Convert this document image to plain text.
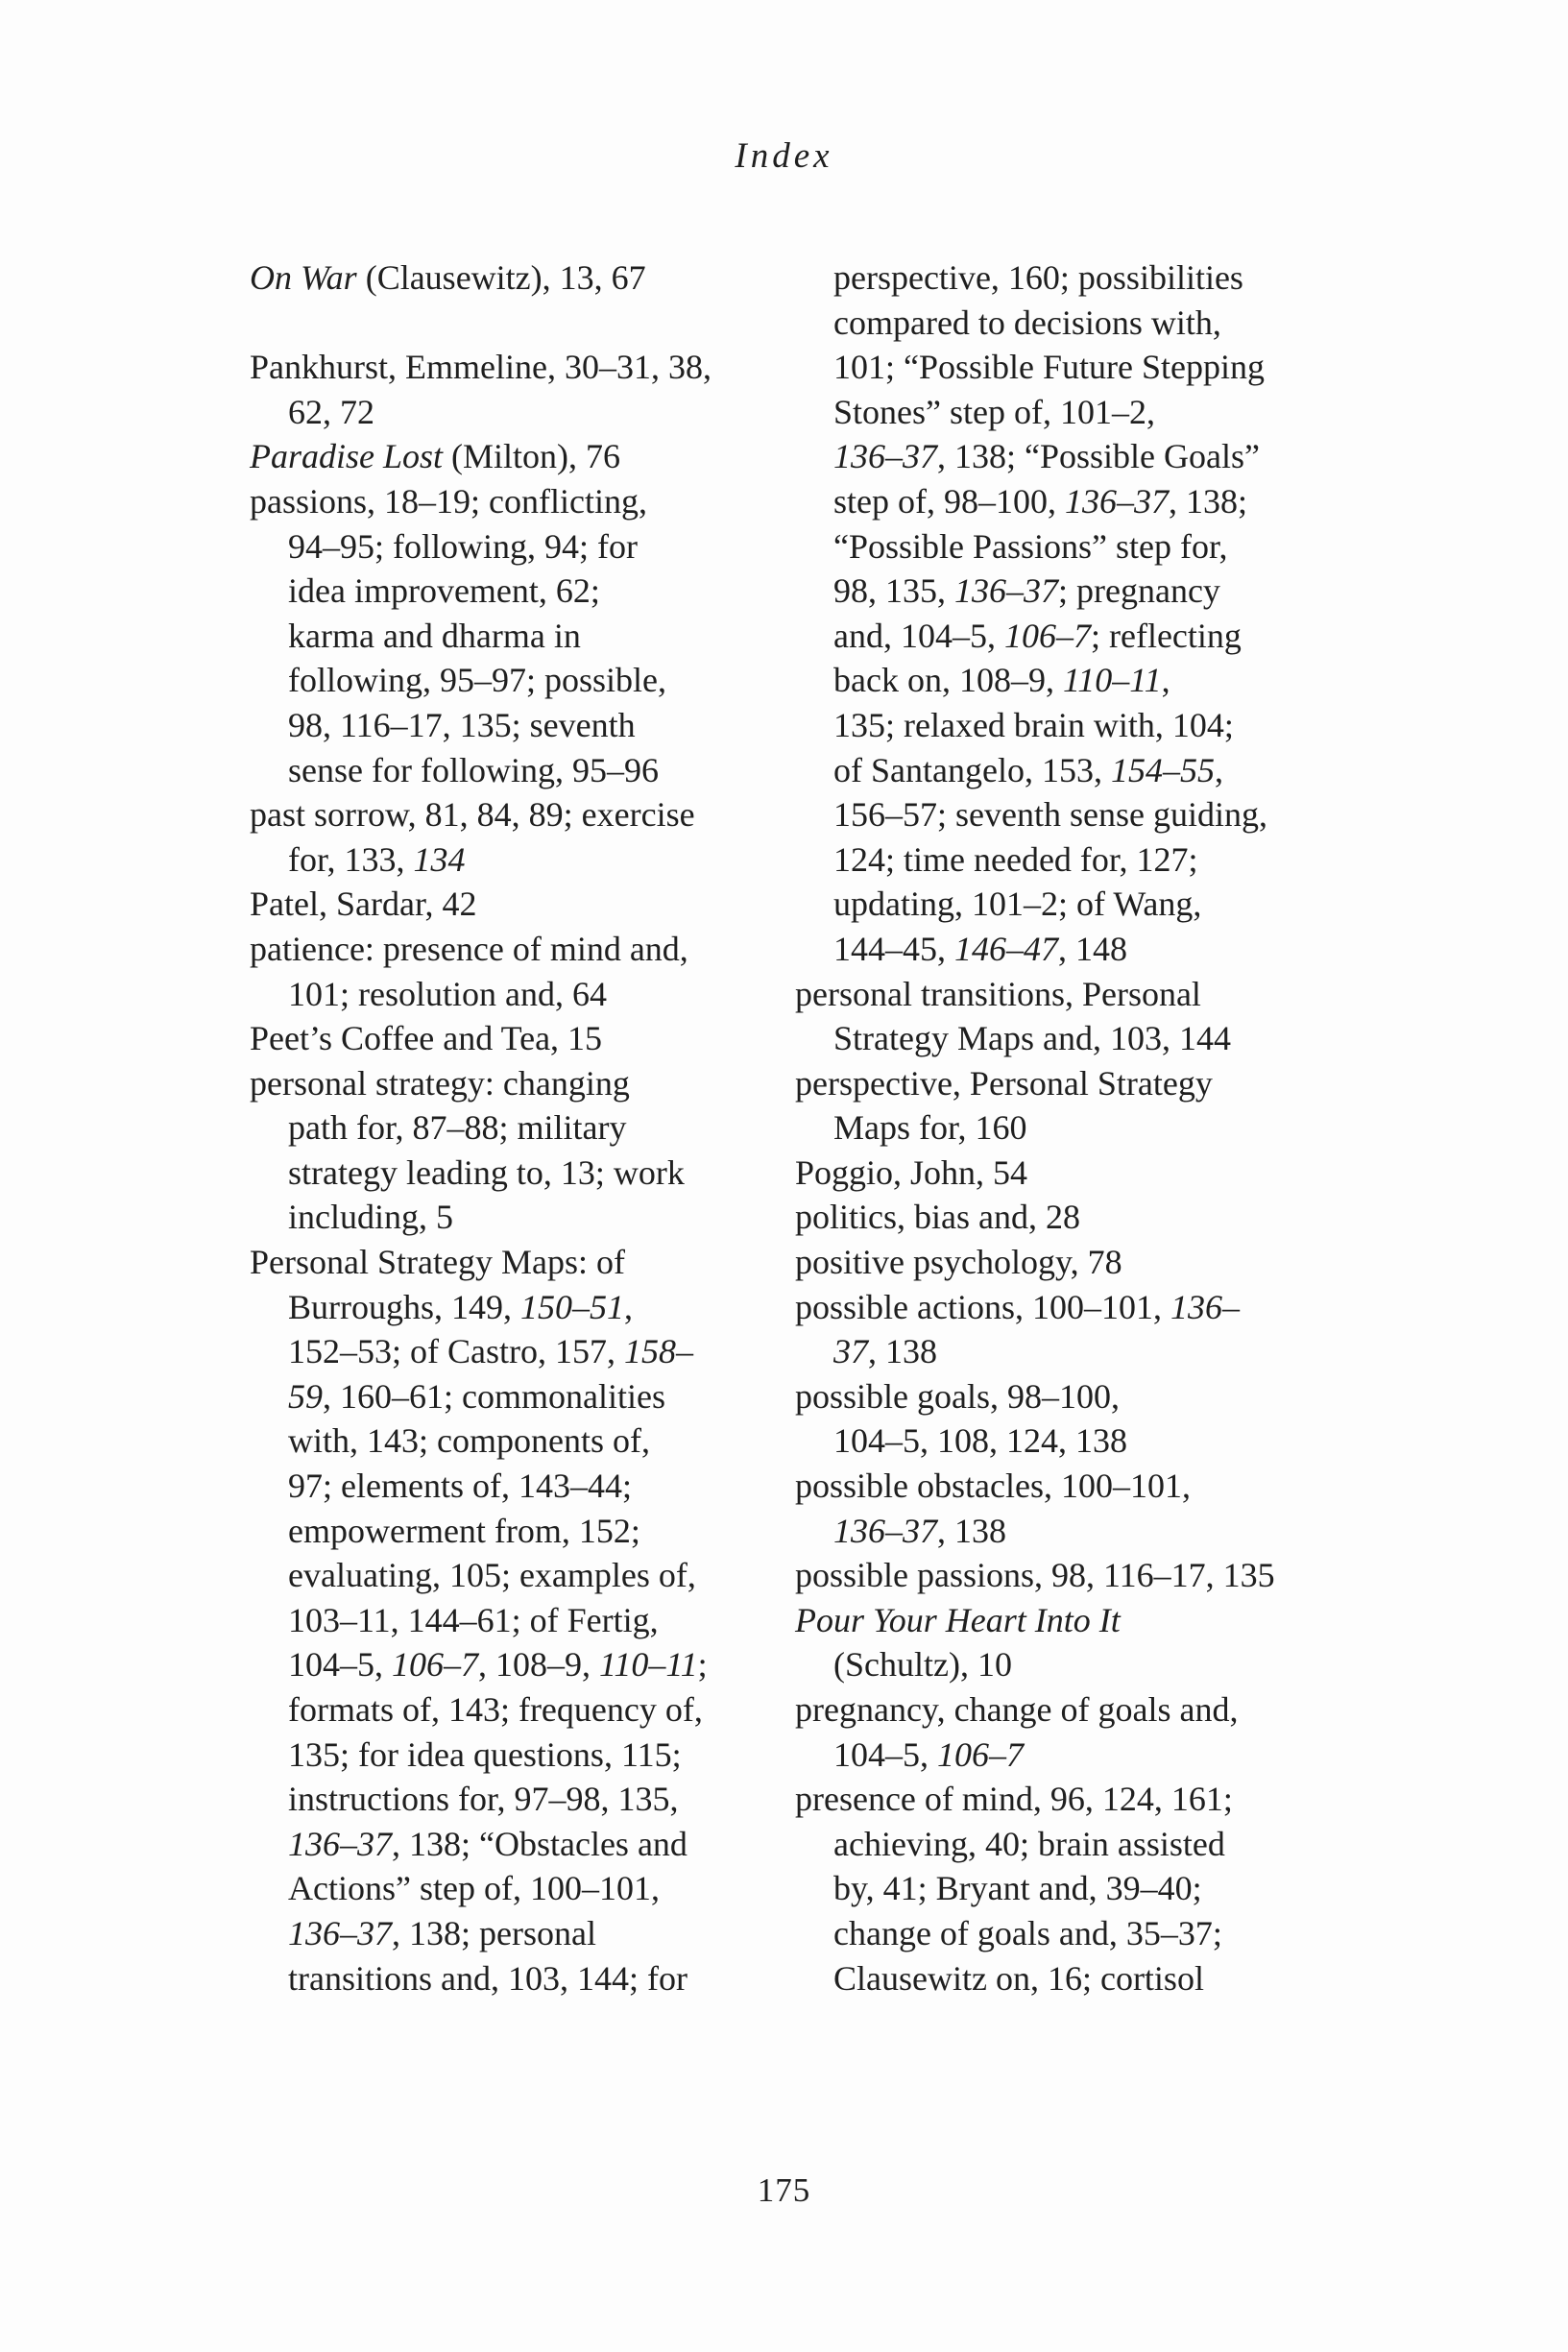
Index
On War (Clausewitz), 13, 67
Pankhurst, Emmeline, 30–31, 38,
62, 72
Paradise Lost (Milton), 76
passions, 18–19; conflicting,
94–95; following, 94; for
idea improvement, 62;
karma and dharma in
following, 95–97; possible,
98, 116–17, 135; seventh
sense for following, 95–96
past sorrow, 81, 84, 89; exercise
for, 133, 134
Patel, Sardar, 42
patience: presence of mind and,
101; resolution and, 64
Peet’s Coffee and Tea, 15
personal strategy: changing
path for, 87–88; military
strategy leading to, 13; work
including, 5
Personal Strategy Maps: of
Burroughs, 149, 150–51,
152–53; of Castro, 157, 158–
59, 160–61; commonalities
with, 143; components of,
97; elements of, 143–44;
empowerment from, 152;
evaluating, 105; examples of,
103–11, 144–61; of Fertig,
104–5, 106–7, 108–9, 110–11;
formats of, 143; frequency of,
135; for idea questions, 115;
instructions for, 97–98, 135,
136–37, 138; “Obstacles and
Actions” step of, 100–101,
136–37, 138; personal
transitions and, 103, 144; for
perspective, 160; possibilities
compared to decisions with,
101; “Possible Future Stepping
Stones” step of, 101–2,
136–37, 138; “Possible Goals”
step of, 98–100, 136–37, 138;
“Possible Passions” step for,
98, 135, 136–37; pregnancy
and, 104–5, 106–7; reflecting
back on, 108–9, 110–11,
135; relaxed brain with, 104;
of Santangelo, 153, 154–55,
156–57; seventh sense guiding,
124; time needed for, 127;
updating, 101–2; of Wang,
144–45, 146–47, 148
personal transitions, Personal
Strategy Maps and, 103, 144
perspective, Personal Strategy
Maps for, 160
Poggio, John, 54
politics, bias and, 28
positive psychology, 78
possible actions, 100–101, 136–
37, 138
possible goals, 98–100,
104–5, 108, 124, 138
possible obstacles, 100–101,
136–37, 138
possible passions, 98, 116–17, 135
Pour Your Heart Into It
(Schultz), 10
pregnancy, change of goals and,
104–5, 106–7
presence of mind, 96, 124, 161;
achieving, 40; brain assisted
by, 41; Bryant and, 39–40;
change of goals and, 35–37;
Clausewitz on, 16; cortisol
175
